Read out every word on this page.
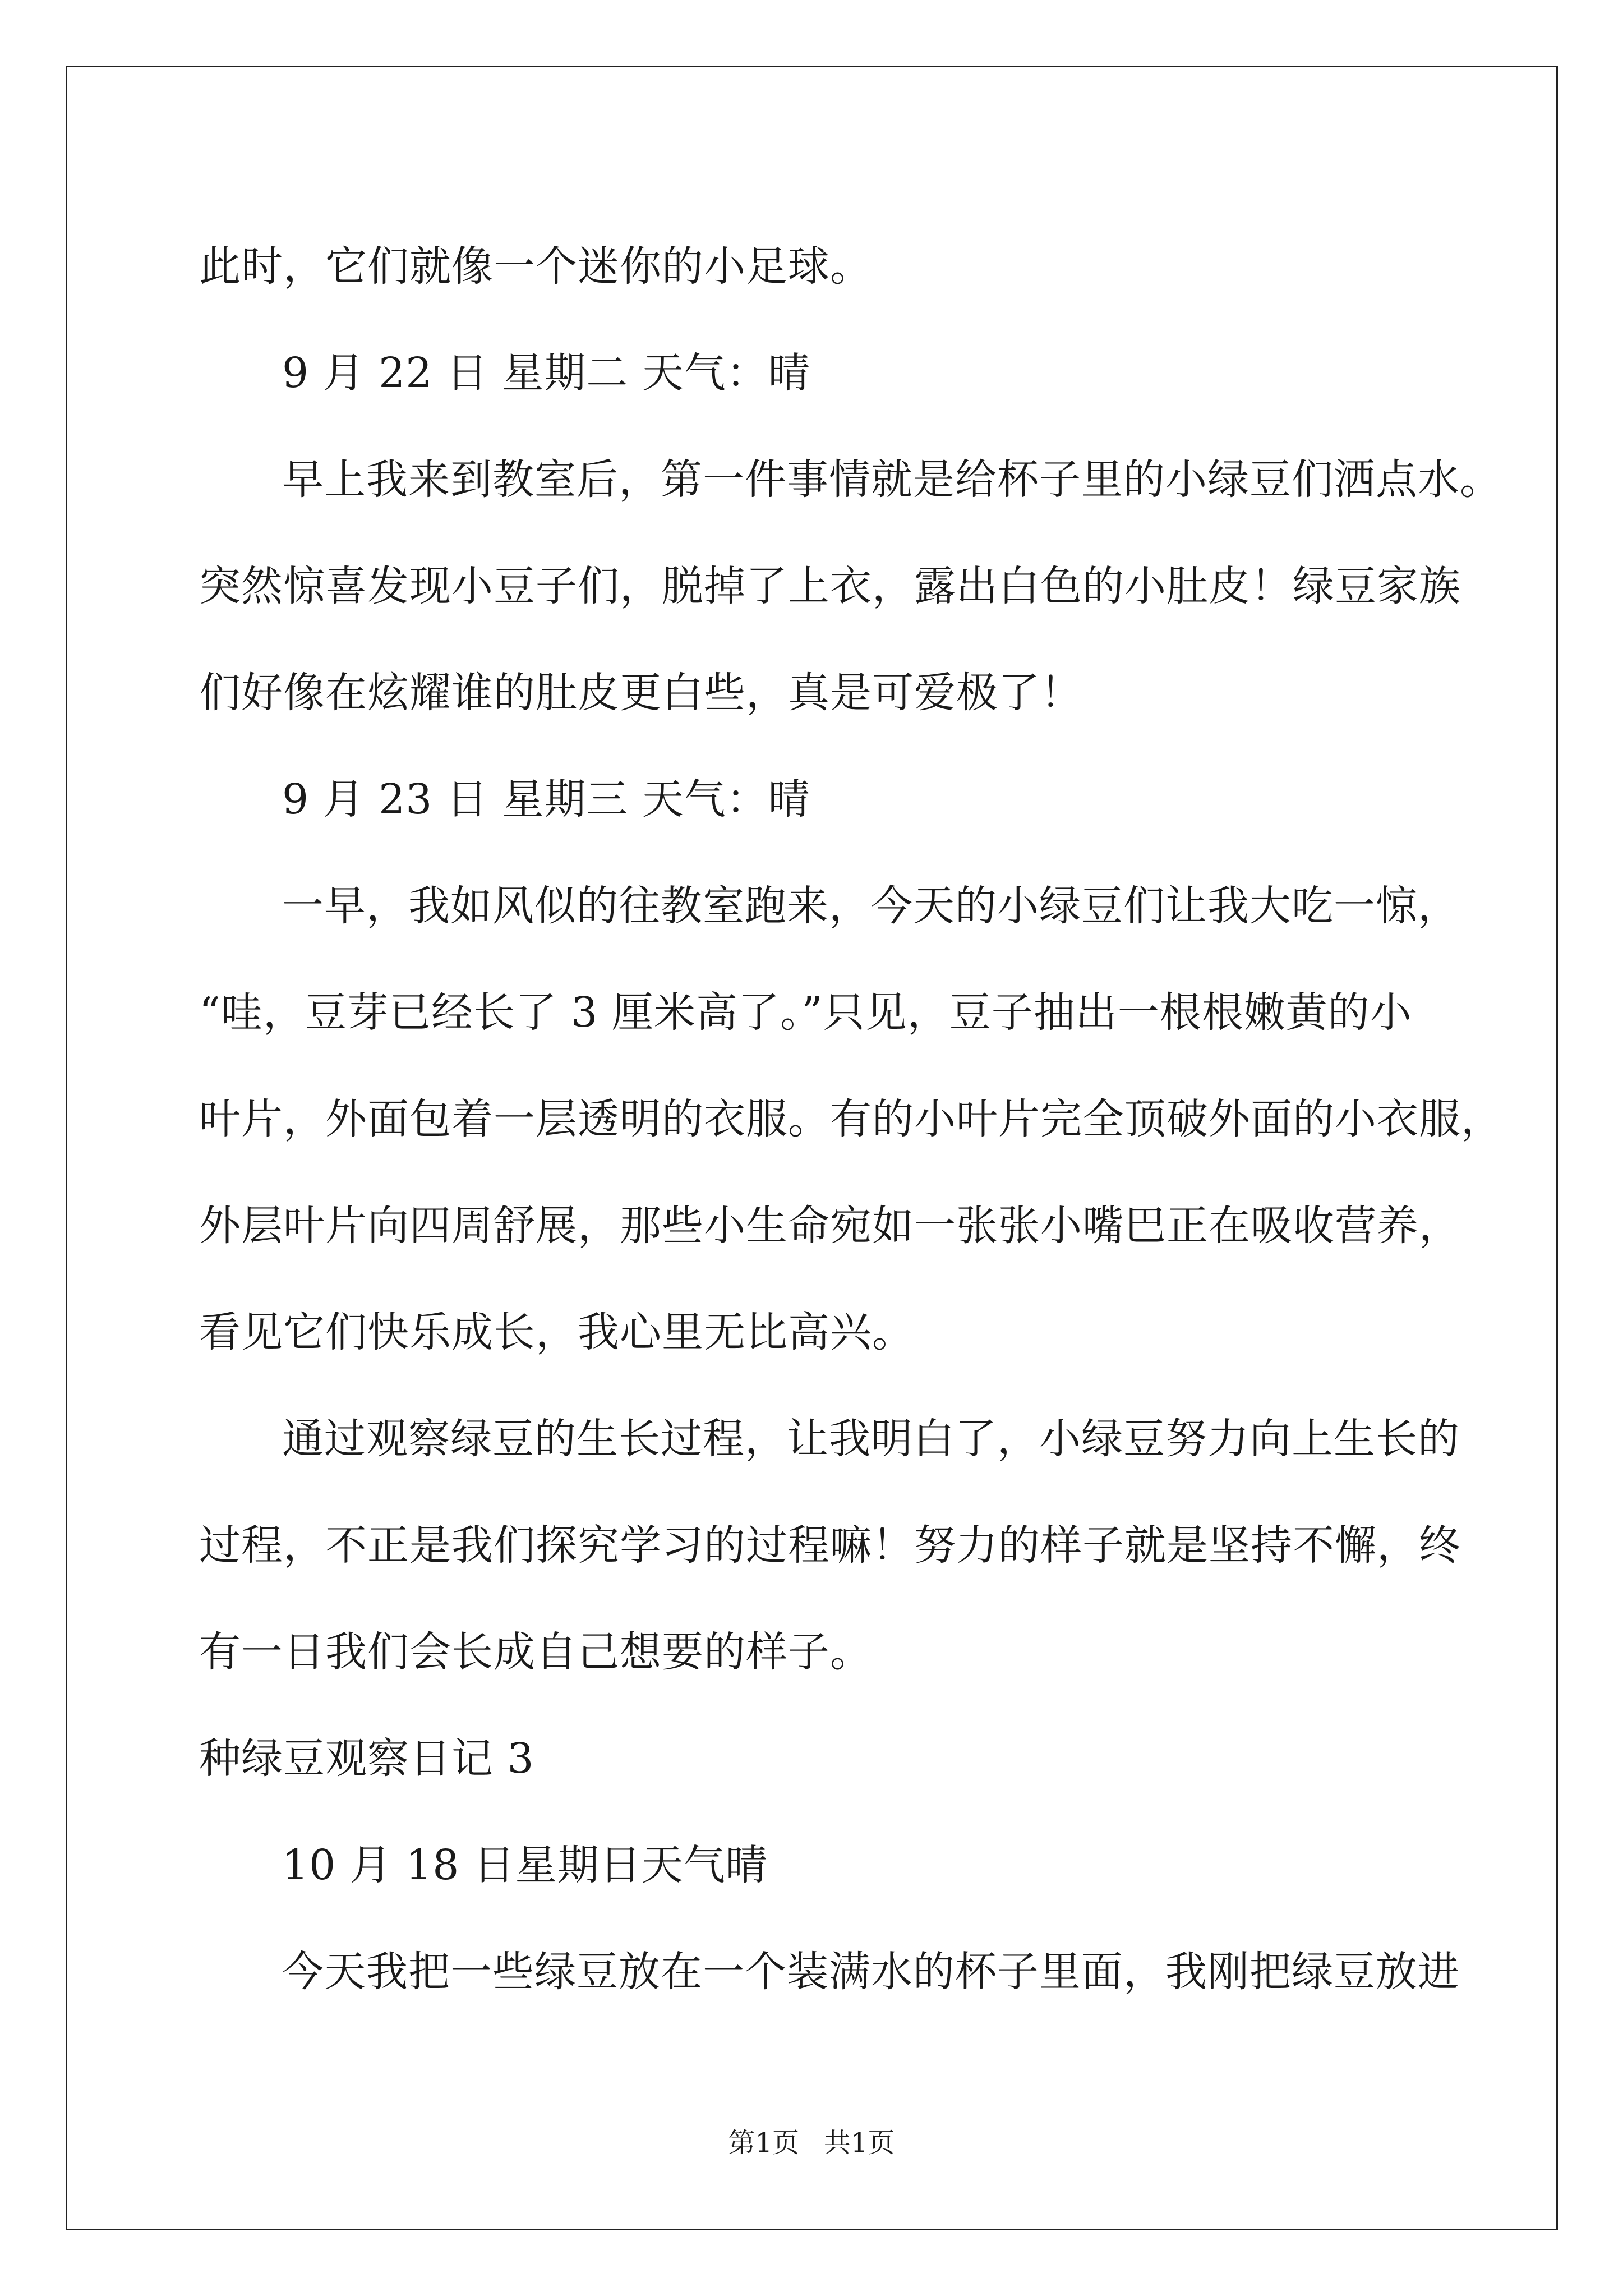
此时，它们就像一个迷你的小足球。
9 月 22 日 星期二 天气：晴
早上我来到教室后，第一件事情就是给杯子里的小绿豆们洒点水。
突然惊喜发现小豆子们，脱掉了上衣，露出白色的小肚皮！绿豆家族
们好像在炫耀谁的肚皮更白些，真是可爱极了！
9 月 23 日 星期三 天气：晴
一早，我如风似的往教室跑来，今天的小绿豆们让我大吃一惊，
“哇，豆芽已经长了 3 厘米高了。”只见，豆子抽出一根根嫩黄的小
叶片，外面包着一层透明的衣服。有的小叶片完全顶破外面的小衣服，
外层叶片向四周舒展，那些小生命宛如一张张小嘴巴正在吸收营养，
看见它们快乐成长，我心里无比高兴。
通过观察绿豆的生长过程，让我明白了，小绿豆努力向上生长的
过程，不正是我们探究学习的过程嘛！努力的样子就是坚持不懈，终
有一日我们会长成自己想要的样子。
种绿豆观察日记 3
10 月 18 日星期日天气晴
今天我把一些绿豆放在一个装满水的杯子里面，我刚把绿豆放进
第1页 共1页
